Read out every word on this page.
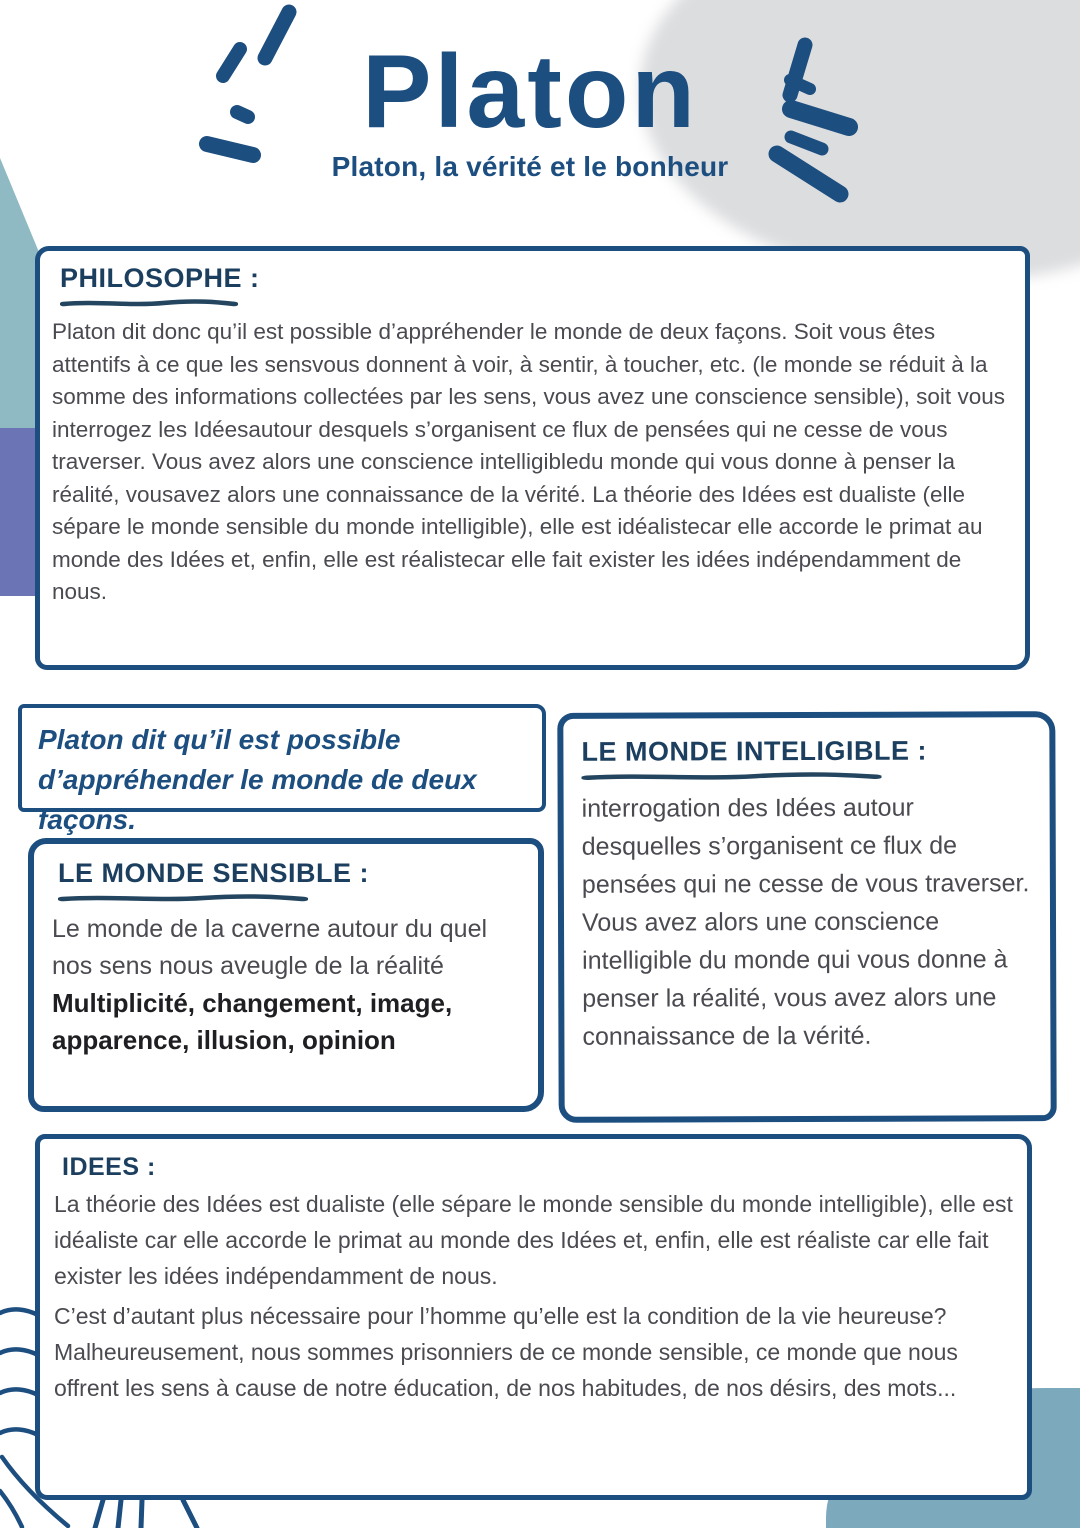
Platon

Platon, la vérité et le bonheur

PHILOSOPHE :

Platon dit donc qu’il est possible d’appréhender le monde de deux façons. Soit vous êtes attentifs à ce que les sensvous donnent à voir, à sentir, à toucher, etc. (le monde se réduit à la somme des informations collectées par les sens, vous avez une conscience sensible), soit vous interrogez les Idéesautour desquels s’organisent ce flux de pensées qui ne cesse de vous traverser. Vous avez alors une conscience intelligibledu monde qui vous donne à penser la réalité, vousavez alors une connaissance de la vérité. La théorie des Idées est dualiste (elle sépare le monde sensible du monde intelligible), elle est idéalistecar elle accorde le primat au monde des Idées et, enfin, elle est réalistecar elle fait exister les idées indépendamment de nous.

Platon dit qu’il est possible d’appréhender le monde de deux façons.

LE MONDE SENSIBLE :

Le monde de la caverne autour du quel nos sens nous aveugle de la réalité

Multiplicité, changement, image, apparence, illusion, opinion

LE MONDE INTELIGIBLE :

interrogation des Idées autour desquelles s’organisent ce flux de pensées qui ne cesse de vous traverser. Vous avez alors une conscience intelligible du monde qui vous donne à penser la réalité, vous avez alors une connaissance de la vérité.

IDEES :

La théorie des Idées est dualiste (elle sépare le monde sensible du monde intelligible), elle est idéaliste car elle accorde le primat au monde des Idées et, enfin, elle est réaliste car elle fait exister les idées indépendamment de nous.

C’est d’autant plus nécessaire pour l’homme qu’elle est la condition de la vie heureuse? Malheureusement, nous sommes prisonniers de ce monde sensible, ce monde que nous offrent les sens à cause de notre éducation, de nos habitudes, de nos désirs, des mots...
